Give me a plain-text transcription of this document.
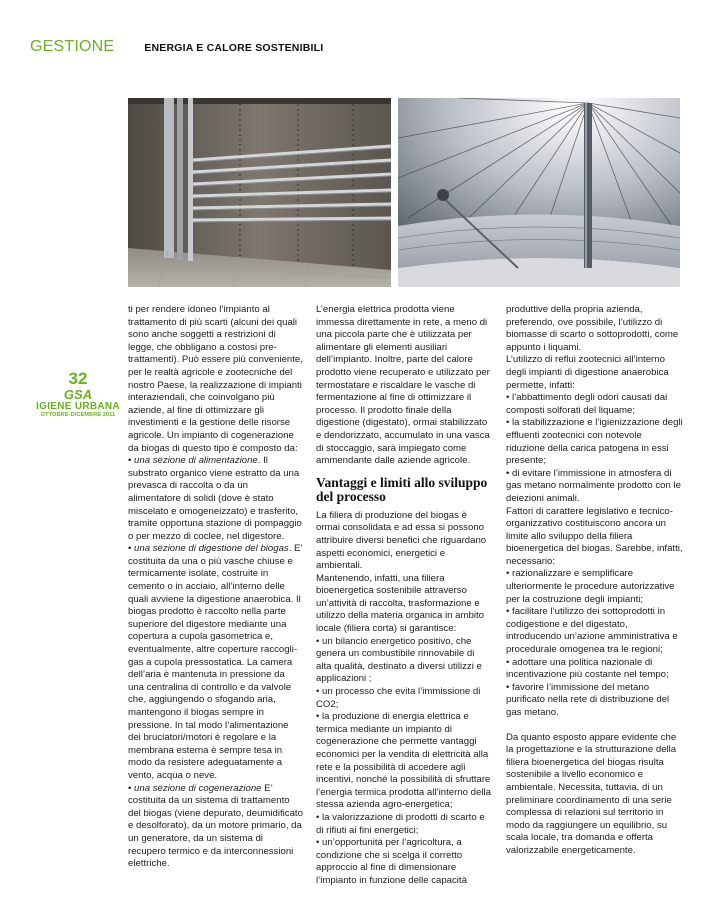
GESTIONE	ENERGIA E CALORE SOSTENIBILI
32
GSA
IGIENE URBANA
OTTOBRE-DICEMBRE 2011

ti per rendere idoneo l’impianto al trattamento di più scarti (alcuni dei quali sono anche soggetti a restrizioni di legge, che obbligano a costosi pre-trattamenti). Può essere più conveniente, per le realtà agricole e zootecniche del nostro Paese, la realizzazione di impianti interaziendali, che coinvolgano più aziende, al fine di ottimizzare gli investimenti e la gestione delle risorse agricole. Un impianto di cogenerazione da biogas di questo tipo è composto da:

• una sezione di alimentazione. Il substrato organico viene estratto da una prevasca di raccolta o da un alimentatore di solidi (dove è stato miscelato e omogeneizzato) e trasferito, tramite opportuna stazione di pompaggio o per mezzo di coclee, nel digestore.

• una sezione di digestione del biogas. E’ costituita da una o più vasche chiuse e termicamente isolate, costruite in cemento o in acciaio, all’interno delle quali avviene la digestione anaerobica. Il biogas prodotto è raccolto nella parte superiore del digestore mediante una copertura a cupola gasometrica e, eventualmente, altre coperture raccogli-gas a cupola pressostatica. La camera dell’aria è mantenuta in pressione da una centralina di controllo e da valvole che, aggiungendo o sfogando aria, mantengono il biogas sempre in pressione. In tal modo l’alimentazione dei bruciatori/motori è regolare e la membrana esterna è sempre tesa in modo da resistere adeguatamente a vento, acqua o neve.

• una sezione di cogenerazione E’ costituita da un sistema di trattamento del biogas (viene depurato, deumidificato e desolforato), da un motore primario, da un generatore, da un sistema di recupero termico e da interconnessioni elettriche.

L’energia elettrica prodotta viene immessa direttamente in rete, a meno di una piccola parte che è utilizzata per alimentare gli elementi ausiliari dell’impianto. Inoltre, parte del calore prodotto viene recuperato e utilizzato per termostatare e riscaldare le vasche di fermentazione al fine di ottimizzare il processo. Il prodotto finale della digestione (digestato), ormai stabilizzato e dendorizzato, accumulato in una vasca di stoccaggio, sarà impiegato come ammendante dalle aziende agricole.

Vantaggi e limiti allo sviluppo del processo

La filiera di produzione del biogas è ormai consolidata e ad essa si possono attribuire diversi benefici che riguardano aspetti economici, energetici e ambientali.

Mantenendo, infatti, una filiera bioenergetica sostenibile attraverso un’attività di raccolta, trasformazione e utilizzo della materia organica in ambito locale (filiera corta) si garantisce:

• un bilancio energetico positivo, che genera un combustibile rinnovabile di alta qualità, destinato a diversi utilizzi e applicazioni ;

• un processo che evita l’immissione di CO2;

• la produzione di energia elettrica e termica mediante un impianto di cogenerazione che permette vantaggi economici per la vendita di elettricità alla rete e la possibilità di accedere agli incentivi, nonché la possibilità di sfruttare l’energia termica prodotta all’interno della stessa azienda agro-energetica;

• la valorizzazione di prodotti di scarto e di rifiuti ai fini energetici;

• un’opportunità per l’agricoltura, a condizione che si scelga il corretto approccio al fine di dimensionare l’impianto in funzione delle capacità

produttive della propria azienda, preferendo, ove possibile, l’utilizzo di biomasse di scarto o sottoprodotti, come appunto i liquami.

L’utilizzo di reflui zootecnici all’interno degli impianti di digestione anaerobica permette, infatti:

• l’abbattimento degli odori causati dai composti solforati del liquame;

• la stabilizzazione e l’igienizzazione degli effluenti zootecnici con notevole riduzione della carica patogena in essi presente;

• di evitare l’immissione in atmosfera di gas metano normalmente prodotto con le deiezioni animali.

Fattori di carattere legislativo e tecnico-organizzativo costituiscono ancora un limite allo sviluppo della filiera bioenergetica del biogas. Sarebbe, infatti, necessario:

• razionalizzare e semplificare ulteriormente le procedure autorizzative per la costruzione degli impianti;

• facilitare l’utilizzo dei sottoprodotti in codigestione e del digestato, introducendo un’azione amministrativa e procedurale omogenea tra le regioni;

• adottare una politica nazionale di incentivazione più costante nel tempo;

• favorire l’immissione del metano purificato nella rete di distribuzione del gas metano.

Da quanto esposto appare evidente che la progettazione e la strutturazione della filiera bioenergetica del biogas risulta sostenibile a livello economico e ambientale. Necessita, tuttavia, di un preliminare coordinamento di una serie complessa di relazioni sul territorio in modo da raggiungere un equilibrio, su scala locale, tra domanda e offerta valorizzabile energeticamente.
